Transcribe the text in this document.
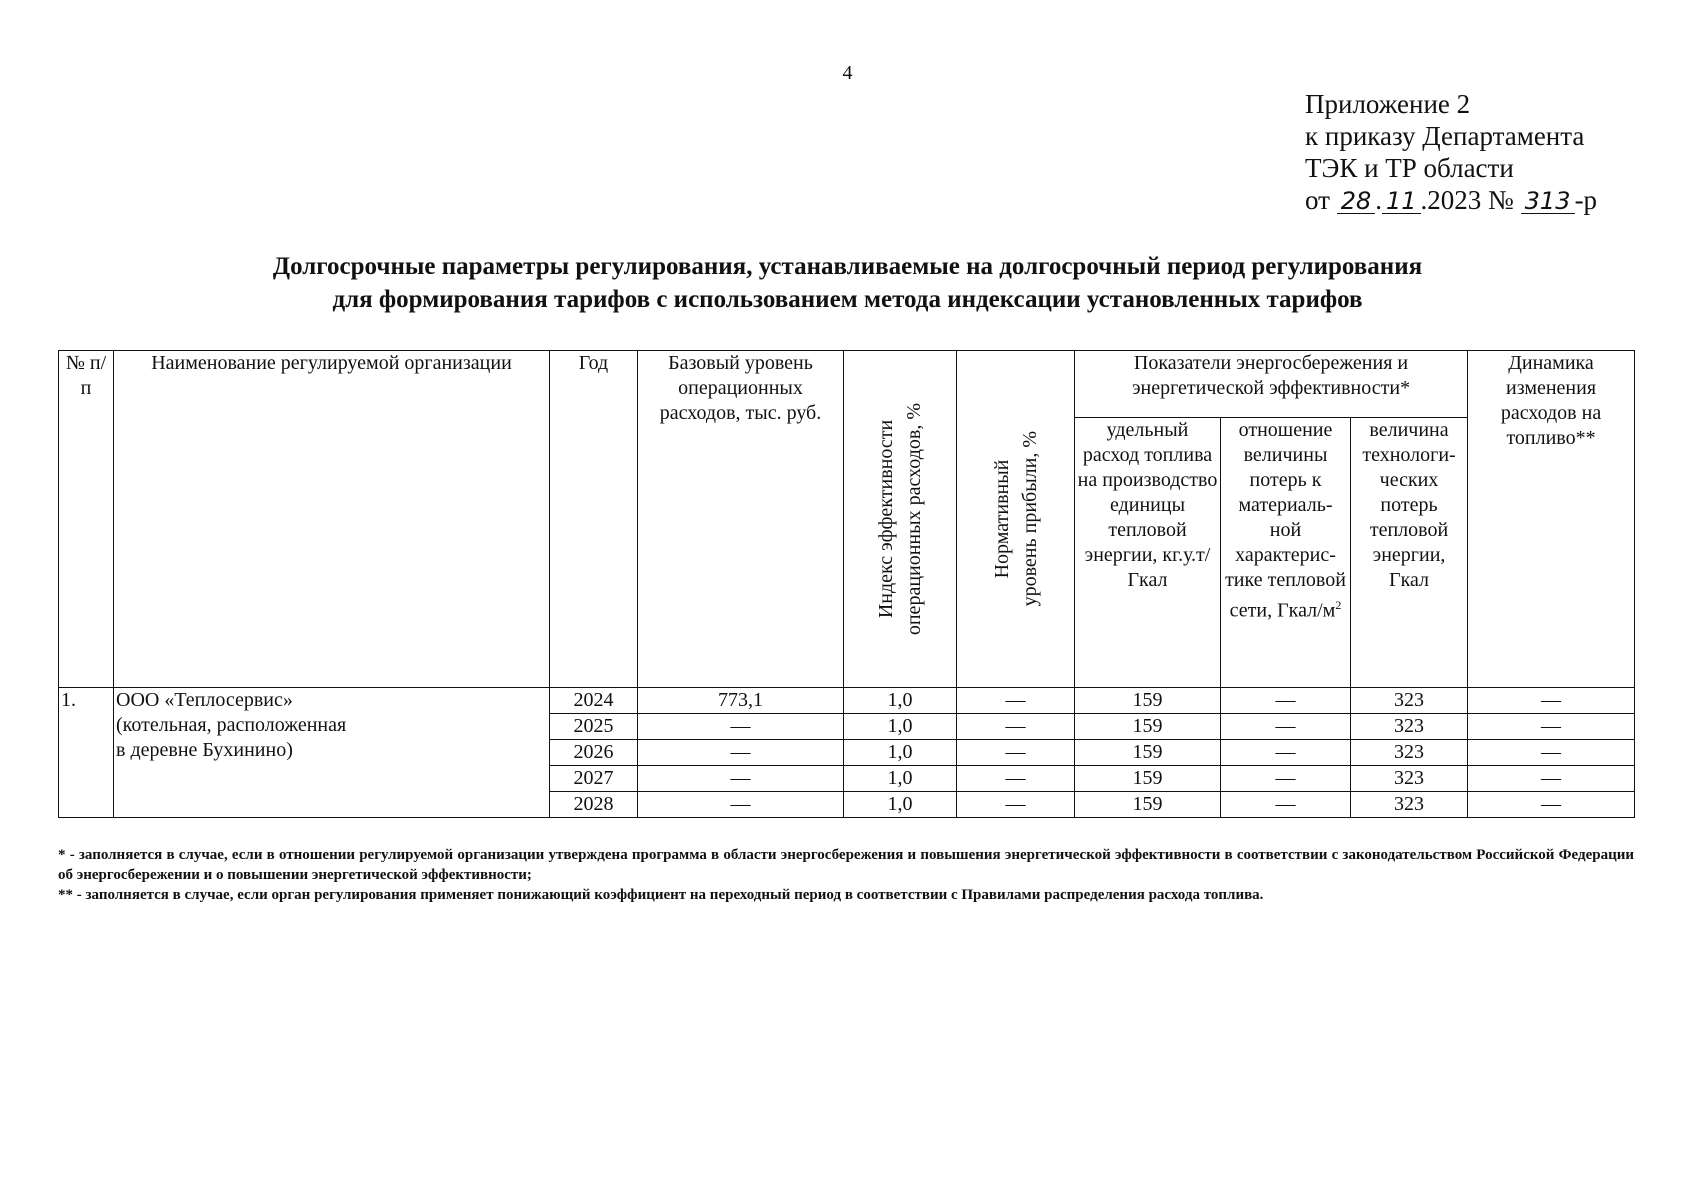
4
Приложение 2
к приказу Департамента
ТЭК и ТР области
от 28 . 11 .2023 № 313 -р
Долгосрочные параметры регулирования, устанавливаемые на долгосрочный период регулирования
для формирования тарифов с использованием метода индексации установленных тарифов
№ п/п	Наименование регулируемой организации	Год	Базовый уровень операционных расходов, тыс. руб.	Индекс эффективности операционных расходов, %	Нормативный уровень прибыли, %	Показатели энергосбережения и энергетической эффективности*			Динамика изменения расходов на топливо**
						удельный расход топлива на производство единицы тепловой энергии, кг.у.т/Гкал	отношение величины потерь к материаль-ной характерис-тике тепловой сети, Гкал/$м^2$	величина технологи-ческих потерь тепловой энергии, Гкал	
1.	ООО «Теплосервис»
(котельная, расположенная
в деревне Бухинино)	2024	773,1	1,0	—	159	—	323	—
		2025	—	1,0	—	159	—	323	—
		2026	—	1,0	—	159	—	323	—
		2027	—	1,0	—	159	—	323	—
		2028	—	1,0	—	159	—	323	—
* - заполняется в случае, если в отношении регулируемой организации утверждена программа в области энергосбережения и повышения энергетической эффективности в соответствии с законодательством Российской Федерации об энергосбережении и о повышении энергетической эффективности;
** - заполняется в случае, если орган регулирования применяет понижающий коэффициент на переходный период в соответствии с Правилами распределения расхода топлива.
